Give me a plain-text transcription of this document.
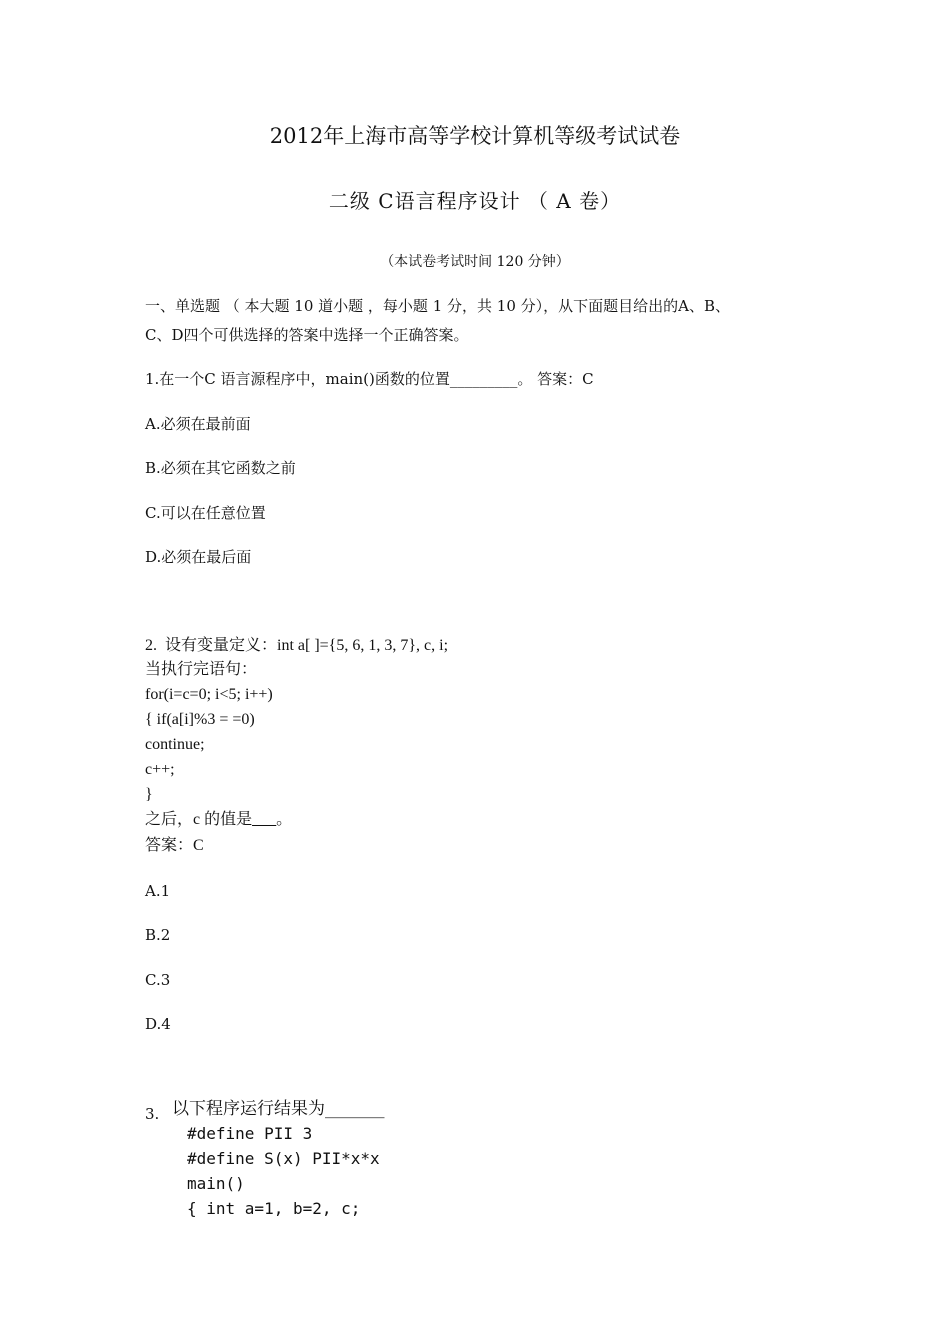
2012年上海市高等学校计算机等级考试试卷
二级 C语言程序设计 （ A 卷）
（本试卷考试时间 120 分钟）
一、单选题 （ 本大题 10 道小题 ，每小题 1 分，共 10 分），从下面题目给出的A、B、
C、D四个可供选择的答案中选择一个正确答案。
1.在一个C 语言源程序中，main()函数的位置_________。 答案：C
A.必须在最前面
B.必须在其它函数之前
C.可以在任意位置
D.必须在最后面
2.  设有变量定义：int a[ ]={5, 6, 1, 3, 7}, c, i;
当执行完语句：
for(i=c=0; i<5; i++)
{ if(a[i]%3 = =0)
continue;
c++;
}
之后，c 的值是___。
答案：C
A.1
B.2
C.3
D.4
3. 以下程序运行结果为_______
#define PII 3
#define S(x) PII*x*x
main()
{ int a=1, b=2, c;
